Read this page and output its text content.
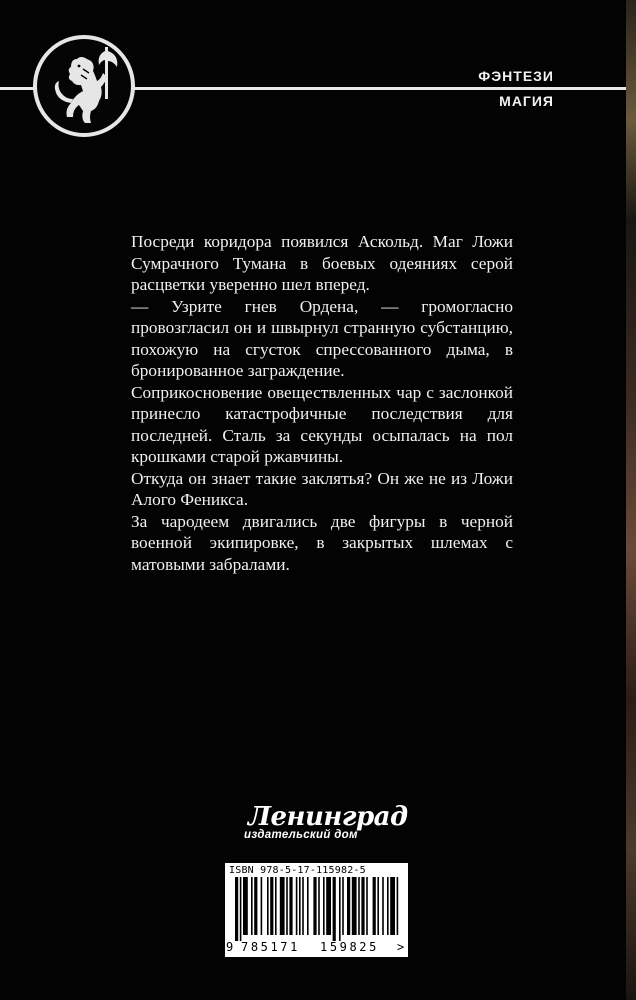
ФЭНТЕЗИ
МАГИЯ

Посреди коридора появился Аскольд. Маг Ложи Сумрачного Тумана в боевых одеяниях серой расцветки уверенно шел вперед.

— Узрите гнев Ордена, — громогласно провозгласил он и швырнул странную субстанцию, похожую на сгусток спрессованного дыма, в бронированное заграждение.

Соприкосновение овеществленных чар с заслонкой принесло катастрофичные последствия для последней. Сталь за секунды осыпалась на пол крошками старой ржавчины.

Откуда он знает такие заклятья? Он же не из Ложи Алого Феникса.

За чародеем двигались две фигуры в черной военной экипировке, в закрытых шлемах с матовыми забралами.

Ленинград
издательский дом
ISBN 978-5-17-115982-5
9 785171 159825 >
